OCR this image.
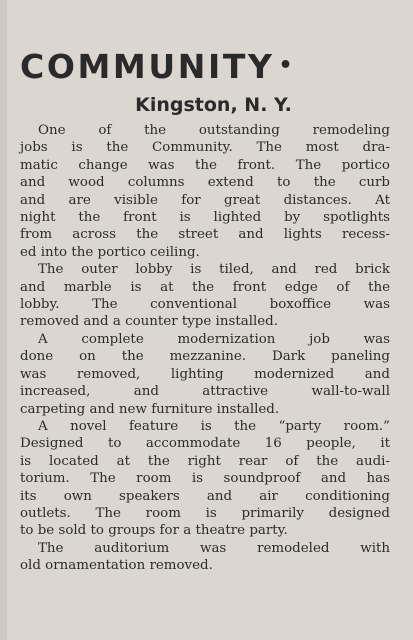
COMMUNITY •
Kingston, N. Y.
One of the outstanding remodeling
jobs is the Community. The most dra-
matic change was the front. The portico
and wood columns extend to the curb
and are visible for great distances. At
night the front is lighted by spotlights
from across the street and lights recess-
ed into the portico ceiling.
The outer lobby is tiled, and red brick
and marble is at the front edge of the
lobby. The conventional boxoffice was
removed and a counter type installed.
A complete modernization job was
done on the mezzanine. Dark paneling
was removed, lighting modernized and
increased, and attractive wall-to-wall
carpeting and new furniture installed.
A novel feature is the “party room.”
Designed to accommodate 16 people, it
is located at the right rear of the audi-
torium. The room is soundproof and has
its own speakers and air conditioning
outlets. The room is primarily designed
to be sold to groups for a theatre party.
The auditorium was remodeled with
old ornamentation removed.
